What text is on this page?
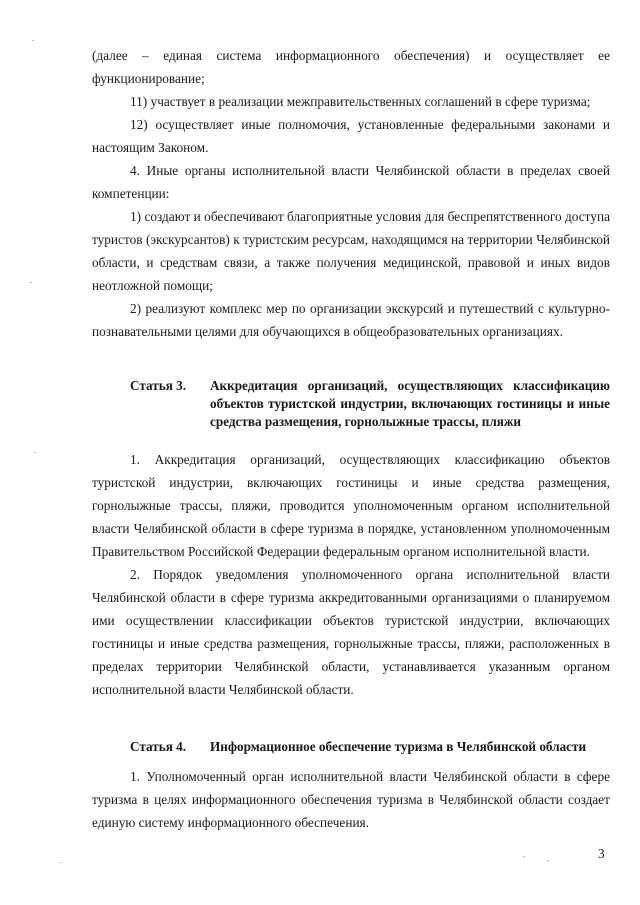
(далее – единая система информационного обеспечения) и осуществляет ее функционирование;

11) участвует в реализации межправительственных соглашений в сфере туризма;

12) осуществляет иные полномочия, установленные федеральными законами и настоящим Законом.

4. Иные органы исполнительной власти Челябинской области в пределах своей компетенции:

1) создают и обеспечивают благоприятные условия для беспрепятственного доступа туристов (экскурсантов) к туристским ресурсам, находящимся на территории Челябинской области, и средствам связи, а также получения медицинской, правовой и иных видов неотложной помощи;

2) реализуют комплекс мер по организации экскурсий и путешествий с культурно-познавательными целями для обучающихся в общеобразовательных организациях.

Статья 3. Аккредитация организаций, осуществляющих классификацию объектов туристской индустрии, включающих гостиницы и иные средства размещения, горнолыжные трассы, пляжи

1. Аккредитация организаций, осуществляющих классификацию объектов туристской индустрии, включающих гостиницы и иные средства размещения, горнолыжные трассы, пляжи, проводится уполномоченным органом исполнительной власти Челябинской области в сфере туризма в порядке, установленном уполномоченным Правительством Российской Федерации федеральным органом исполнительной власти.

2. Порядок уведомления уполномоченного органа исполнительной власти Челябинской области в сфере туризма аккредитованными организациями о планируемом ими осуществлении классификации объектов туристской индустрии, включающих гостиницы и иные средства размещения, горнолыжные трассы, пляжи, расположенных в пределах территории Челябинской области, устанавливается указанным органом исполнительной власти Челябинской области.

Статья 4. Информационное обеспечение туризма в Челябинской области

1. Уполномоченный орган исполнительной власти Челябинской области в сфере туризма в целях информационного обеспечения туризма в Челябинской области создает единую систему информационного обеспечения.

3
